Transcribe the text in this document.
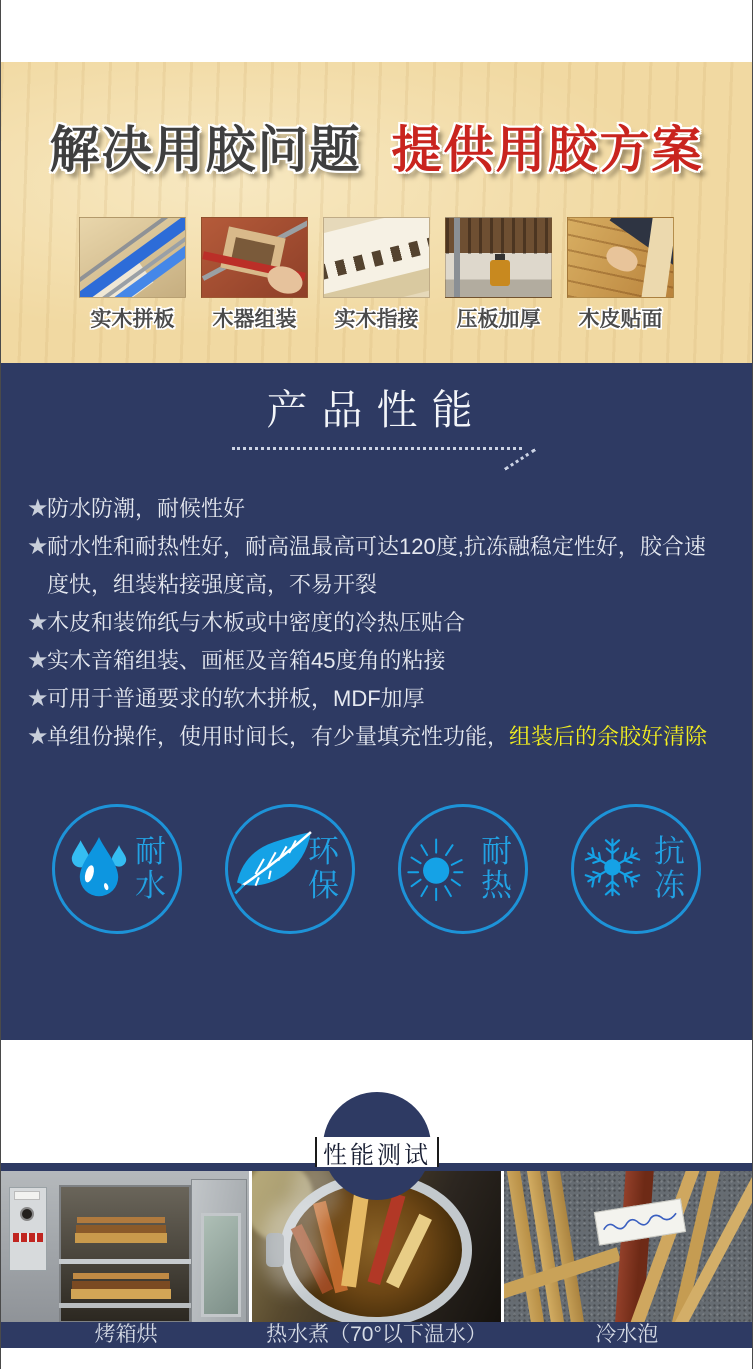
解决用胶问题 提供用胶方案
实木拼板	木器组装	实木指接	压板加厚	木皮贴面
产品性能
★
防水防潮，耐候性好
★
耐水性和耐热性好，耐高温最高可达120度,抗冻融稳定性好，胶合速度快，组装粘接强度高，不易开裂
★
木皮和装饰纸与木板或中密度的冷热压贴合
★
实木音箱组装、画框及音箱45度角的粘接
★
可用于普通要求的软木拼板，MDF加厚
★
单组份操作，使用时间长，有少量填充性功能，组装后的余胶好清除
耐
水
环
保
耐
热
抗
冻
性能测试
烤箱烘	热水煮（70°以下温水）	冷水泡
